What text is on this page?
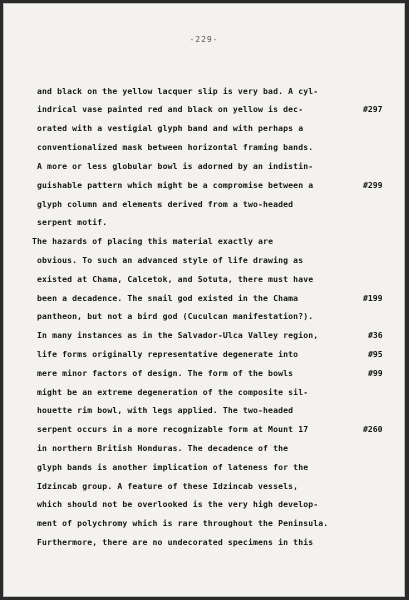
-229-
and black on the yellow lacquer slip is very bad. A cyl-
indrical vase painted red and black on yellow is dec-
orated with a vestigial glyph band and with perhaps a
conventionalized mask between horizontal framing bands.
A more or less globular bowl is adorned by an indistin-
guishable pattern which might be a compromise between a
glyph column and elements derived from a two-headed
serpent motif.
The hazards of placing this material exactly are
obvious. To such an advanced style of life drawing as
existed at Chama, Calcetok, and Sotuta, there must have
been a decadence. The snail god existed in the Chama
pantheon, but not a bird god (Cuculcan manifestation?).
In many instances as in the Salvador-Ulca Valley region,
life forms originally representative degenerate into
mere minor factors of design. The form of the bowls
might be an extreme degeneration of the composite sil-
houette rim bowl, with legs applied. The two-headed
serpent occurs in a more recognizable form at Mount 17
in northern British Honduras. The decadence of the
glyph bands is another implication of lateness for the
Idzincab group. A feature of these Idzincab vessels,
which should not be overlooked is the very high develop-
ment of polychromy which is rare throughout the Peninsula.
Furthermore, there are no undecorated specimens in this
#297
#299
#199
#36
#95
#99
#260
